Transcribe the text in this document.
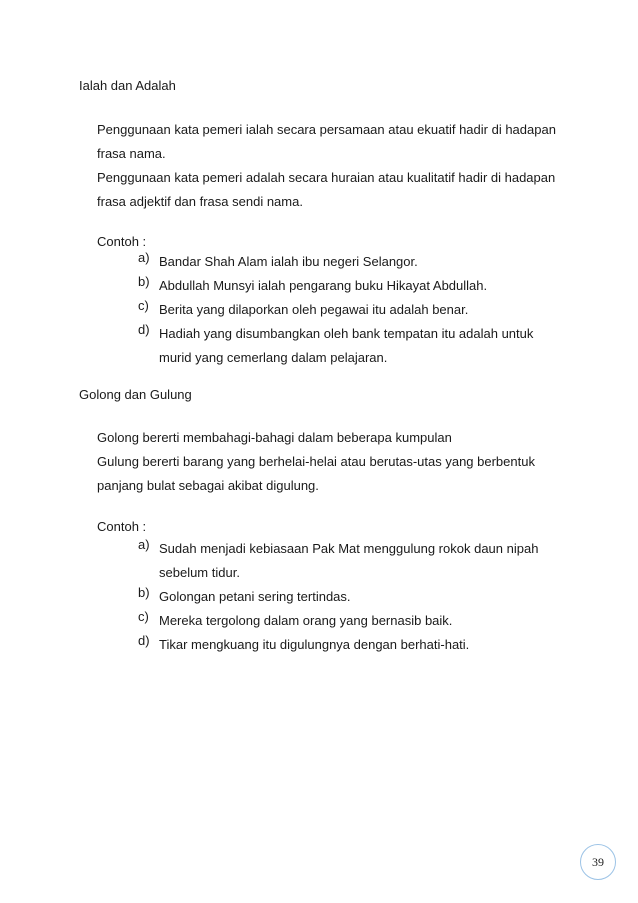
Ialah dan Adalah
Penggunaan kata pemeri ialah secara persamaan atau ekuatif hadir di hadapan
frasa nama.
Penggunaan kata pemeri adalah secara huraian atau kualitatif hadir di hadapan
frasa adjektif dan frasa sendi nama.
Contoh :
a) Bandar Shah Alam ialah ibu negeri Selangor.
b) Abdullah Munsyi ialah pengarang buku Hikayat Abdullah.
c) Berita yang dilaporkan oleh pegawai itu adalah benar.
d) Hadiah yang disumbangkan oleh bank tempatan itu adalah untuk
murid yang cemerlang dalam pelajaran.
Golong dan Gulung
Golong bererti membahagi-bahagi dalam beberapa kumpulan
Gulung bererti barang yang berhelai-helai atau berutas-utas yang berbentuk
panjang bulat sebagai akibat digulung.
Contoh :
a) Sudah menjadi kebiasaan Pak Mat menggulung rokok daun nipah
sebelum tidur.
b) Golongan petani sering tertindas.
c) Mereka tergolong dalam orang yang bernasib baik.
d) Tikar mengkuang itu digulungnya dengan berhati-hati.
39
